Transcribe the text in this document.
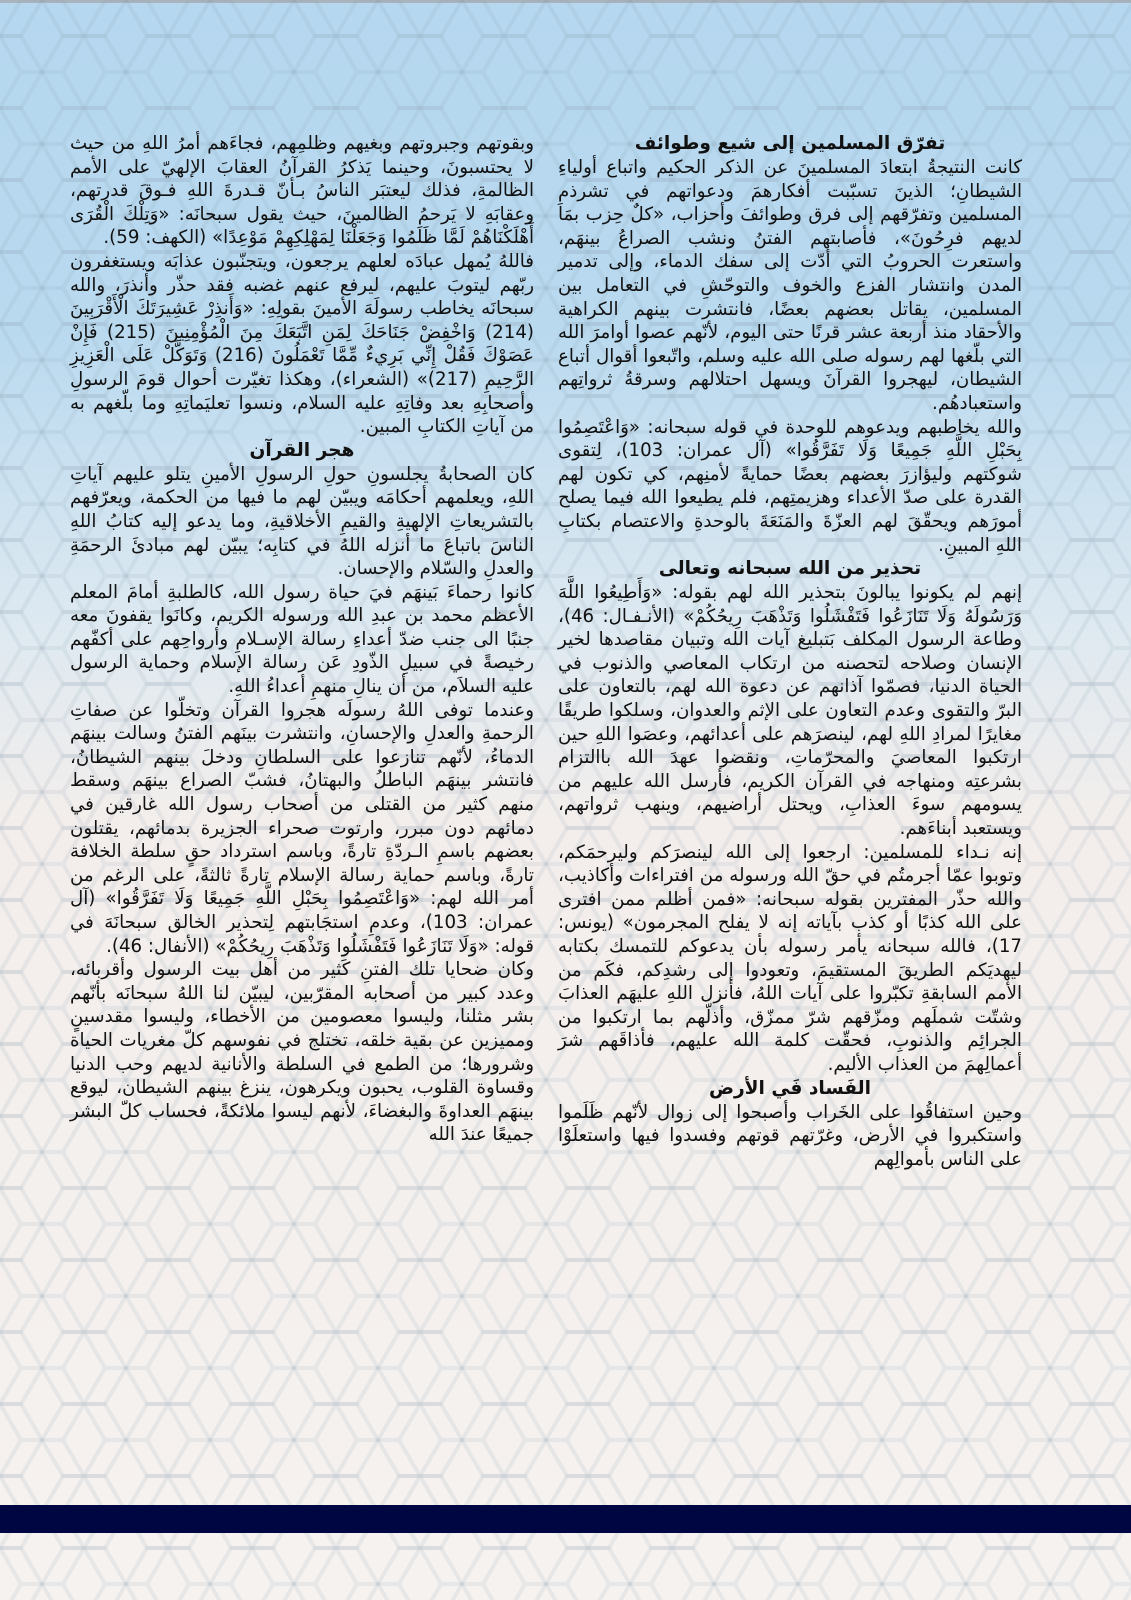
تفرّق المسلمين إلى شيع وطوائف

كانت النتيجةُ ابتعادَ المسلمينَ عن الذكر الحكيم واتباع أولياءِ الشيطانِ؛ الذينَ تسبّبت أفكارهمَ ودعواتهم في تشرذمِ المسلمين وتفرّقهم إلى فرق وطوائفَ وأحزاب، «كلٌ حِزب بمَا لديهم فرِحُونَ»، فأصابتهم الفتنُ ونشب الصراعُ بينهَم، واستعرت الحروبُ التي أدّت إلى سفك الدماء، وإلى تدمير المدن وانتشار الفزع والخوف والتوحّشِ في التعامل بين المسلمين، يقاتل بعضهم بعضًا، فانتشرت بينهم الكراهية والأحقاد منذ أربعة عشر قرنًا حتى اليوم، لأنّهم عصوا أوامرَ الله التي بلّغها لهم رسوله صلى الله عليه وسلم، واتّبعوا أقوال أتباع الشيطان، ليهجروا القرآنَ ويسهل احتلالهم وسرقةُ ثرواتِهم واستعبادهُم.

والله يخاطبهم ويدعوهم للوحدة في قوله سبحانه: «وَاعْتَصِمُوا بِحَبْلِ اللَّهِ جَمِيعًا وَلَا تَفَرَّقُوا» (آل عمران: 103)، لِتقوى شوكتهم وليؤازرَ بعضهم بعضًا حمايةً لأمنِهم، كي تكون لهم القدرة على صدّ الأعداء وهزيمتِهم، فلم يطيعوا الله فيما يصلح أمورَهم ويحقّقَ لهم العزّةَ والمَنَعَةَ بالوحدةِ والاعتصام بكتابِ اللهِ المبينِ.

تحذير من الله سبحانه وتعالى

إنهم لم يكونوا يبالونَ بتحذير الله لهم بقوله: «وَأَطِيعُوا اللَّهَ وَرَسُولَهُ وَلَا تَنَازَعُوا فَتَفْشَلُوا وَتَذْهَبَ رِيحُكُمْ» (الأنـفـال: 46)، وطاعة الرسول المكلف بَتبليغ آيات الله وتبيان مقاصدها لخير الإنسان وصلاحه لتحصنه من ارتكاب المعاصي والذنوب في الحياة الدنيا، فصمّوا آذانهم عن دعوة الله لهم، بالتعاون على البرّ والتقوى وعدم التعاون على الإثم والعدوان، وسلكوا طريقًا مغايرًا لمرادِ اللهِ لهم، لينصرَهم على أعدائهم، وعصَوا اللهِ حين ارتكبوا المعاصيَ والمحرّماتِ، ونقضوا عهدَ الله باالتزام بشرعتِه ومنهاجه في القرآن الكريم، فأرسل الله عليهم من يسومهم سوءَ العذابِ، ويحتل أراضيهم، وينهب ثرواتهم، ويستعبد أبناءَهم.

إنه نـداء للمسلمين: ارجعوا إلى الله لينصرَكم وليرحمَكم، وتوبوا عمّا أجرمتُم في حقّ الله ورسوله من افتراءات وأكاذيب، والله حذّر المفترين بقوله سبحانه: «فمن أظلم ممن افترى على الله كذبًا أو كذب بآياته إنه لا يفلح المجرمون» (يونس: 17)، فالله سبحانه يأمر رسوله بأن يدعوكم للتمسك بكتابه ليهديَكم الطريقَ المستقيمَ، وتعودوا إلى رشدِكم، فكَم من الأمم السابقةِ تكبّروا على آيات اللهُ، فأنزل اللهِ عليهَم العذابَ وشتّت شملَهم ومزّقهم شرّ ممزّق، وأذلّهم بما ارتكبوا من الجرائِم والذنوبِ، فحقّت كلمة الله عليهم، فأذاقَهم شرَ أعمالِهمَ من العذاب الأليم.

الفَساد فَي الأرض

وحين استفاقُوا على الخَراب وأصبحوا إلى زوال لأنّهم ظَلَموا واستكبروا في الأرض، وغرّتهم قوتهم وفسدوا فيها واستعلَوْا على الناس بأموالِهم

وبقوتهم وجبروتهم وبغيهم وظلمِهم، فجاءَهم أمرُ اللهِ من حيث لا يحتسبونَ، وحينما يَذكرُ القرآنُ العقابَ الإلهيّ على الأمم الظالمةِ، فذلك ليعتبَر الناسُ بـأنّ قـدرةَ اللهِ فـوقَ قدرتهم، وعقابَهِ لا يَرحمُ الظالمينَ، حيث يقول سبحانَه: «وَتِلْكَ الْقُرَى أَهْلَكْنَاهُمْ لَمَّا ظَلَمُوا وَجَعَلْنَا لِمَهْلِكِهِمْ مَوْعِدًا» (الكهف: 59).

فاللهُ يُمهل عبادَه لعلهم يرجعون، ويتجنّبون عذابَه ويستغفرون ربّهم ليتوبَ عليهم، ليرفع عنهم غضبه فقد حذّر وأنذرَ، والله سبحانَه يخاطب رسولَهَ الأمينَ بقولِهِ: «وَأَنذِرْ عَشِيرَتَكَ الْأَقْرَبِينَ (214) وَاخْفِضْ جَنَاحَكَ لِمَنِ اتَّبَعَكَ مِنَ الْمُؤْمِنِينَ (215) فَإِنْ عَصَوْكَ فَقُلْ إِنِّي بَرِيءٌ مِّمَّا تَعْمَلُونَ (216) وَتَوَكَّلْ عَلَى الْعَزِيزِ الرَّحِيمِ (217)» (الشعراء)، وهكذا تغيّرت أحوال قومَ الرسولِ وأصحابِهِ بعد وفاتِهِ عليه السلام، ونسوا تعليَماتِهِ وما بلّغهم به من آياتِ الكتابِ المبين.

هجر القرآن

كان الصحابةُ يجلسونِ حولِ الرسولِ الأمينِ يتلو عليهم آياتِ اللهِ، ويعلمهم أحكامَه ويبيّن لهم ما فيها من الحكمة، ويعرّفهم بالتشريعاتِ الإلهيةِ والقيمِ الأخلاقيةِ، وما يدعو إليه كتابُ اللهِ الناسَ باتباعَ ما أنزله اللهُ في كتابِه؛ يبيّن لهم مبادئَ الرحمَةِ والعدلِ والسّلام والإحسان.

كانوا رحماءَ بَينهَم فيَ حياة رسول الله، كالطلبةِ أمامَ المعلم الأعظم محمد بن عبدِ الله ورسوله الكريم، وكانَوا يقفونَ معه جنبًا الى جنب ضدّ أعداءِ رسالة الإسـلامِ وأرواحِهم على أكفّهم رخيصةً في سبيلِ الذّودِ عَن رسالة الإسلام وحماية الرسول عليه السلاَم، من أن ينالِ منهمِ أعداءُ اللهِ.

وعندما توفى اللهُ رسولَه هجروا القرآن وتخلّوا عن صفاتِ الرحمةِ والعدلِ والإحسانِ، وانتشرت بينَهم الفتنُ وسالت بينهَم الدماءُ، لأنّهم تنازعوا على السلطانِ ودخلَ بينهم الشيطانُ، فانتشر بينهَم الباطلُ والبهتانُ، فشبّ الصراع بينهَم وسقط منهم كثير من القتلى من أصحاب رسول الله غارقين في دمائهم دون مبرر، وارتوت صحراء الجزيرة بدمائهم، يقتلون بعضهم باسمِ الـردّةِ تارةً، وباسم استرداد حقٍ سلطة الخلافة تارةً، وباسم حماية رسالة الإسلام تارةً ثالثةً، على الرغم من أمر الله لهم: «وَاعْتَصِمُوا بِحَبْلِ اللَّهِ جَمِيعًا وَلَا تَفَرَّقُوا» (آل عمران: 103)، وعدمِ استجَابتهم لِتحذير الخالق سبحانَهَ في قوله: «وَلَا تَنَازَعُوا فَتَفْشَلُوا وَتَذْهَبَ رِيحُكُمْ» (الأنفال: 46).

وكان ضحايا تلك الفتنِ كَثير من أهل بيت الرسول وأقربائه، وعدد كبير من أصحابه المقرّبين، ليبيّن لنا اللهُ سبحانَه بأنّهم بشر مثلنا، وليسوا معصومين من الأخطاء، وليسوا مقدسينٍ ومميزين عن بقية خلقه، تختلج في نفوسهم كلّ مغريات الحياة وشرورها؛ من الطمع في السلطة والأنانية لديهم وحب الدنيا وقساوة القلوب، يحبون ويكرهون، ينزغ بينهم الشيطان، ليوقع بينهَم العداوةَ والبغضاءَ، لأنهم ليسوا ملائكةً، فحساب كلّ البشر جميعًا عندَ الله
